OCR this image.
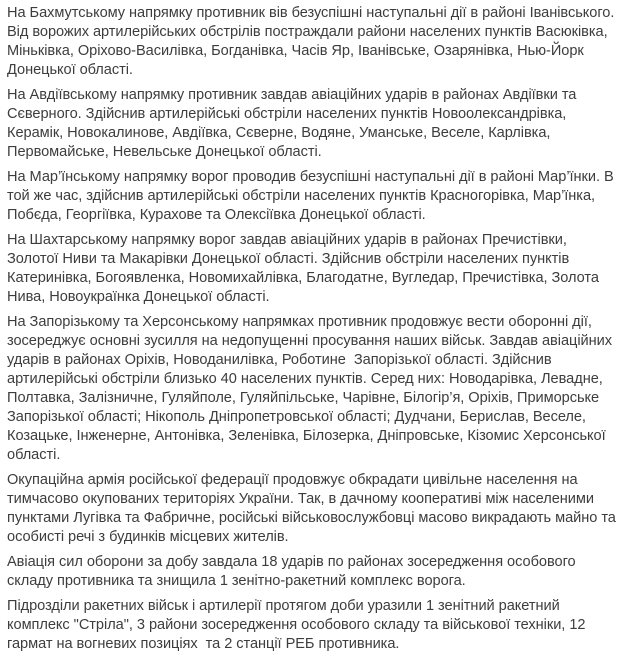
На Бахмутському напрямку противник вів безуспішні наступальні дії в районі Іванівського. Від ворожих артилерійських обстрілів постраждали райони населених пунктів Васюківка, Міньківка, Оріхово-Василівка, Богданівка, Часів Яр, Іванівське, Озарянівка, Нью-Йорк Донецької області.

На Авдіївському напрямку противник завдав авіаційних ударів в районах Авдіївки та Сєверного. Здійснив артилерійські обстріли населених пунктів Новоолександрівка, Керамік, Новокалинове, Авдіївка, Сєверне, Водяне, Уманське, Веселе, Карлівка, Первомайське, Невельське Донецької області.

На Мар’їнському напрямку ворог проводив безуспішні наступальні дії в районі Мар’їнки. В той же час, здійснив артилерійські обстріли населених пунктів Красногорівка, Мар’їнка, Побєда, Георгіївка, Курахове та Олексіївка Донецької області.

На Шахтарському напрямку ворог завдав авіаційних ударів в районах Пречистівки, Золотої Ниви та Макарівки Донецької області. Здійснив обстріли населених пунктів Катеринівка, Богоявленка, Новомихайлівка, Благодатне, Вугледар, Пречистівка, Золота Нива, Новоукраїнка Донецької області.

На Запорізькому та Херсонському напрямках противник продовжує вести оборонні дії, зосереджує основні зусилля на недопущенні просування наших військ. Завдав авіаційних ударів в районах Оріхів, Новоданилівка, Роботине  Запорізької області. Здійснив артилерійські обстріли близько 40 населених пунктів. Серед них: Новодарівка, Левадне, Полтавка, Залізничне, Гуляйполе, Гуляйпільське, Чарівне, Білогір’я, Оріхів, Приморське Запорізької області; Нікополь Дніпропетровської області; Дудчани, Берислав, Веселе, Козацьке, Інженерне, Антонівка, Зеленівка, Білозерка, Дніпровське, Кізомис Херсонської області.

Окупаційна армія російської федерації продовжує обкрадати цивільне населення на тимчасово окупованих територіях України. Так, в дачному кооперативі між населеними пунктами Лугівка та Фабричне, російські військовослужбовці масово викрадають майно та особисті речі з будинків місцевих жителів.

Авіація сил оборони за добу завдала 18 ударів по районах зосередження особового складу противника та знищила 1 зенітно-ракетний комплекс ворога.

Підрозділи ракетних військ і артилерії протягом доби уразили 1 зенітний ракетний комплекс "Стріла", 3 райони зосередження особового складу та військової техніки, 12 гармат на вогневих позиціях  та 2 станції РЕБ противника.
